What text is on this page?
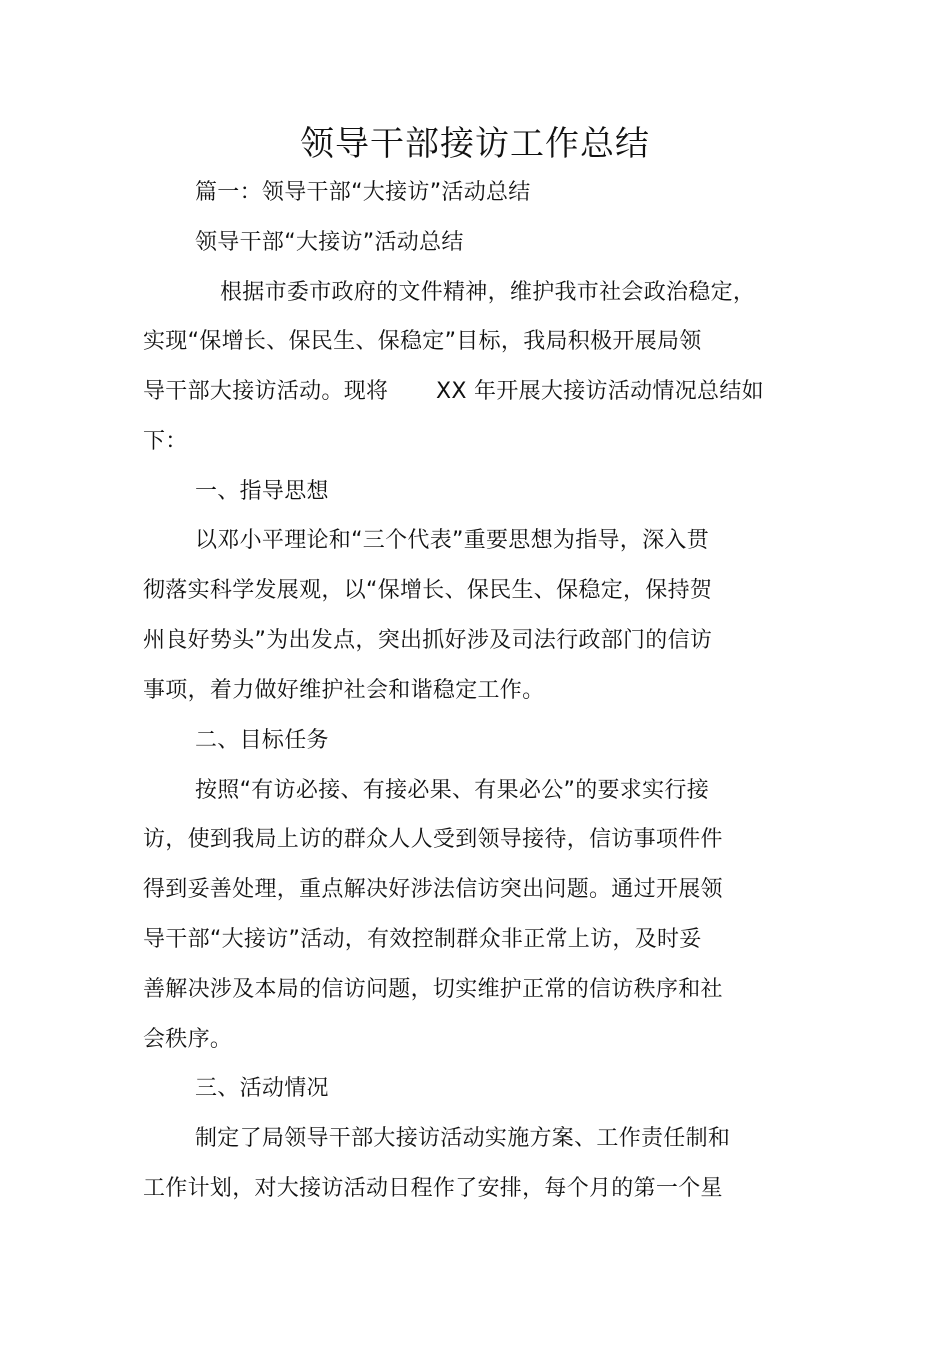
领导干部接访工作总结
篇一：领导干部“大接访”活动总结
领导干部“大接访”活动总结
根据市委市政府的文件精神，维护我市社会政治稳定，
实现“保增长、保民生、保稳定”目标，我局积极开展局领
导干部大接访活动。现将 XX 年开展大接访活动情况总结如
下：
一、指导思想
以邓小平理论和“三个代表”重要思想为指导，深入贯
彻落实科学发展观，以“保增长、保民生、保稳定，保持贺
州良好势头”为出发点，突出抓好涉及司法行政部门的信访
事项，着力做好维护社会和谐稳定工作。
二、目标任务
按照“有访必接、有接必果、有果必公”的要求实行接
访，使到我局上访的群众人人受到领导接待，信访事项件件
得到妥善处理，重点解决好涉法信访突出问题。通过开展领
导干部“大接访”活动，有效控制群众非正常上访，及时妥
善解决涉及本局的信访问题，切实维护正常的信访秩序和社
会秩序。
三、活动情况
制定了局领导干部大接访活动实施方案、工作责任制和
工作计划，对大接访活动日程作了安排，每个月的第一个星
